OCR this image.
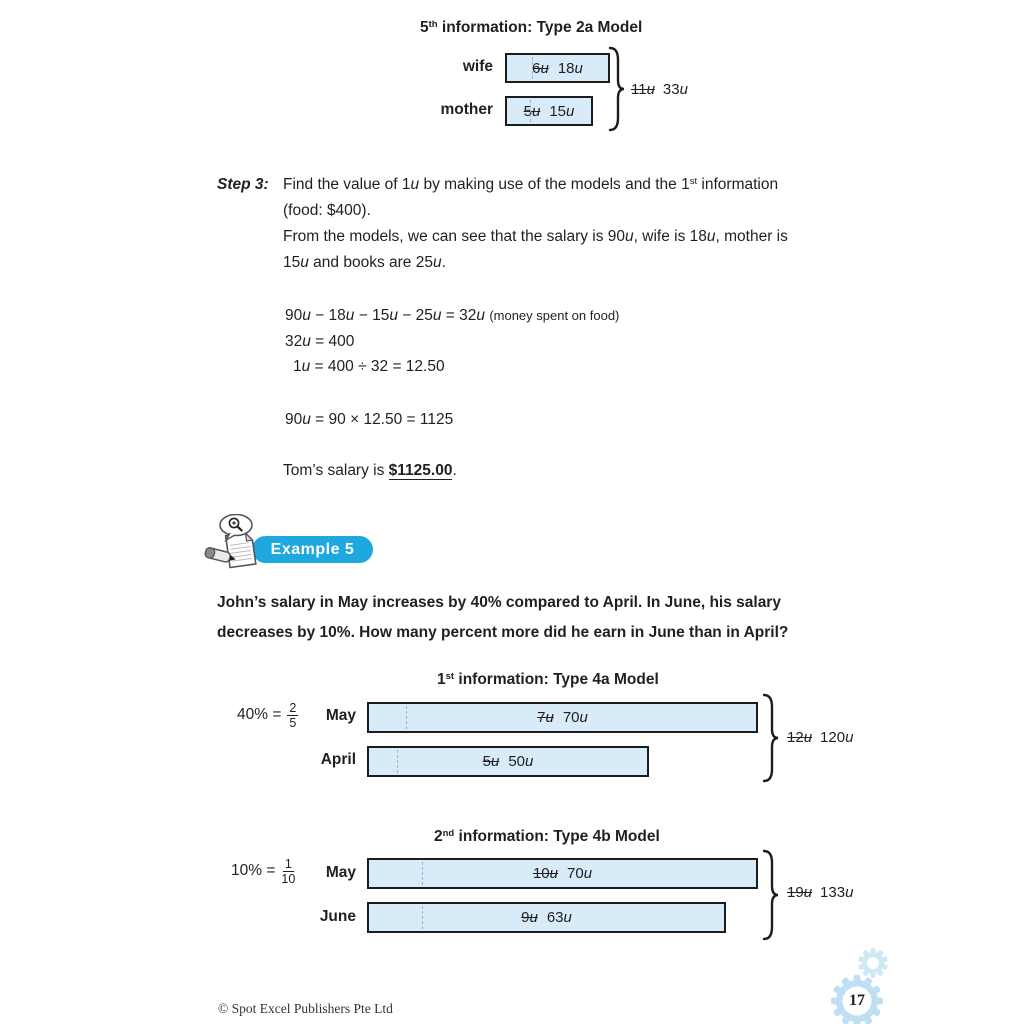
5th information: Type 2a Model
wife	6u 18u
mother 5u 15u
11u 33u
Step 3: Find the value of 1u by making use of the models and the 1st information
(food: $400).
From the models, we can see that the salary is 90u, wife is 18u, mother is
15u and books are 25u.
90u − 18u − 15u − 25u = 32u (money spent on food)
32u = 400
1u = 400 ÷ 32 = 12.50
90u = 90 × 12.50 = 1125
Tom’s salary is $1125.00.
Example 5
John’s salary in May increases by 40% compared to April. In June, his salary
decreases by 10%. How many percent more did he earn in June than in April?
1st information: Type 4a Model
$40\% = \frac{2}{5}$	May	7u 70u
April	5u 50u
12u 120u
2nd information: Type 4b Model
$10\% = \frac{1}{10}$	May	10u 70u
June	9u 63u
19u 133u
© Spot Excel Publishers Pte Ltd	17
